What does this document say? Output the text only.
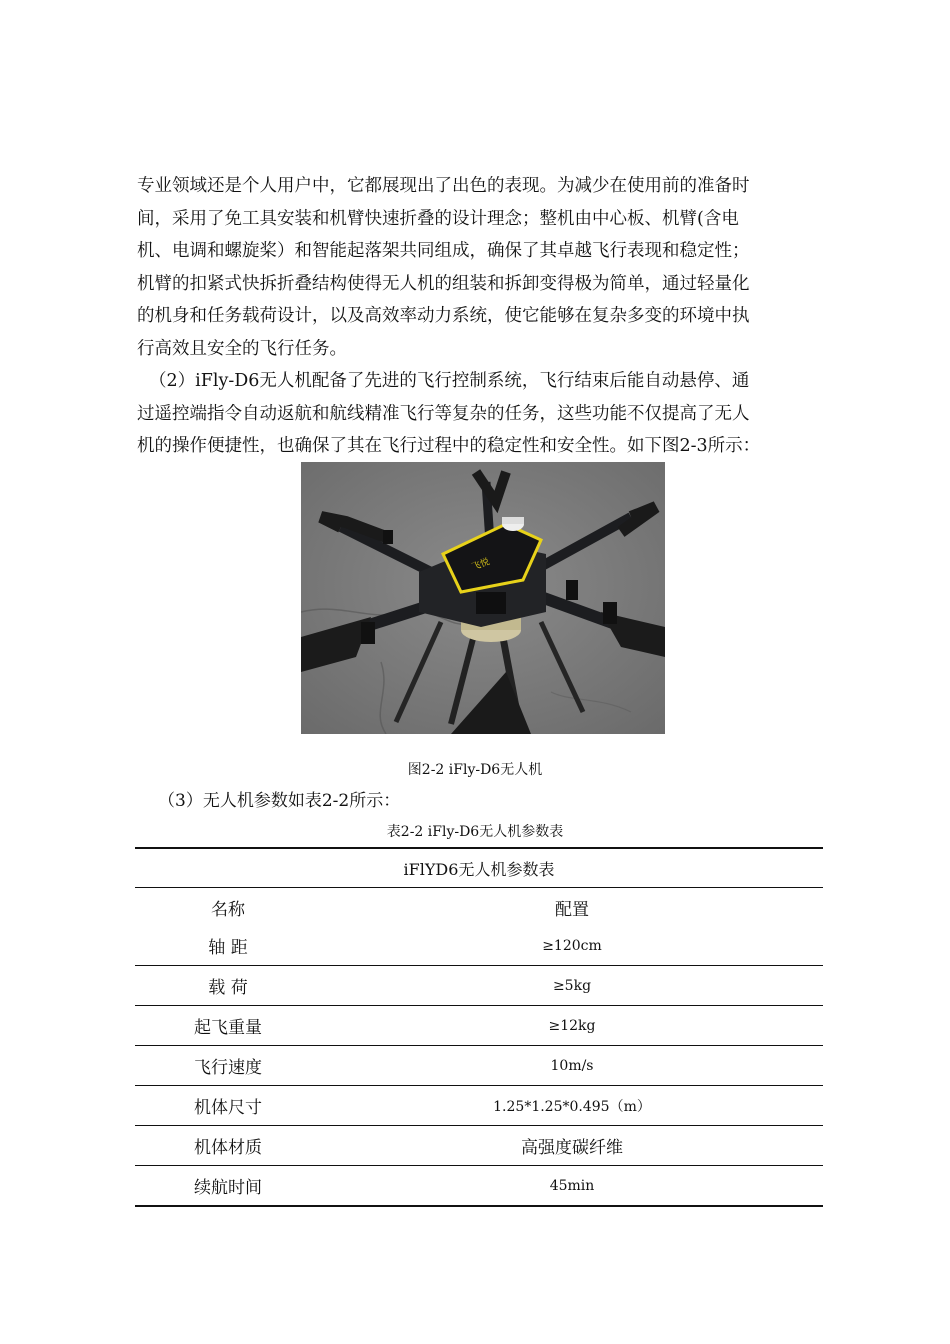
专业领域还是个人用户中，它都展现出了出色的表现。为减少在使用前的准备时
间，采用了免工具安装和机臂快速折叠的设计理念；整机由中心板、机臂(含电
机、电调和螺旋桨）和智能起落架共同组成，确保了其卓越飞行表现和稳定性；
机臂的扣紧式快拆折叠结构使得无人机的组装和拆卸变得极为简单，通过轻量化
的机身和任务载荷设计，以及高效率动力系统，使它能够在复杂多变的环境中执
行高效且安全的飞行任务。
（2）iFly-D6无人机配备了先进的飞行控制系统，飞行结束后能自动悬停、通
过遥控端指令自动返航和航线精准飞行等复杂的任务，这些功能不仅提高了无人
机的操作便捷性，也确保了其在飞行过程中的稳定性和安全性。如下图2-3所示：
飞悦

图2-2 iFly-D6无人机

（3）无人机参数如表2-2所示：

表2-2 iFly-D6无人机参数表

iFlYD6无人机参数表	
名称	配置
轴 距	≥120cm
载 荷	≥5kg
起飞重量	≥12kg
飞行速度	10m/s
机体尺寸	1.25*1.25*0.495（m）
机体材质	高强度碳纤维
续航时间	45min
